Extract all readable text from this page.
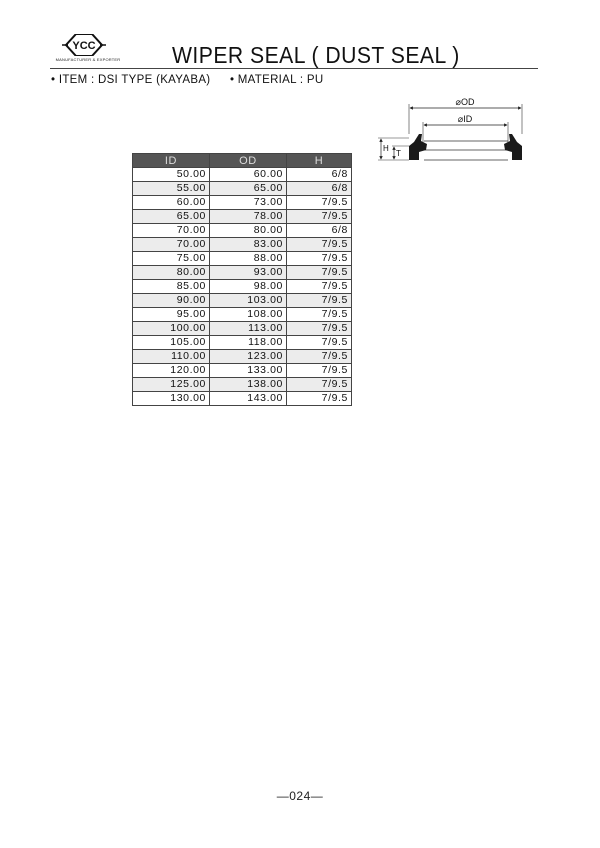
YCC
MANUFACTURER & EXPORTER WIPER SEAL ( DUST SEAL )
• ITEM : DSI TYPE (KAYABA) • MATERIAL : PU
⌀OD
⌀ID
H
T
ID	OD	H
50.00	60.00	6/8
55.00	65.00	6/8
60.00	73.00	7/9.5
65.00	78.00	7/9.5
70.00	80.00	6/8
70.00	83.00	7/9.5
75.00	88.00	7/9.5
80.00	93.00	7/9.5
85.00	98.00	7/9.5
90.00	103.00	7/9.5
95.00	108.00	7/9.5
100.00	113.00	7/9.5
105.00	118.00	7/9.5
110.00	123.00	7/9.5
120.00	133.00	7/9.5
125.00	138.00	7/9.5
130.00	143.00	7/9.5
—024—
